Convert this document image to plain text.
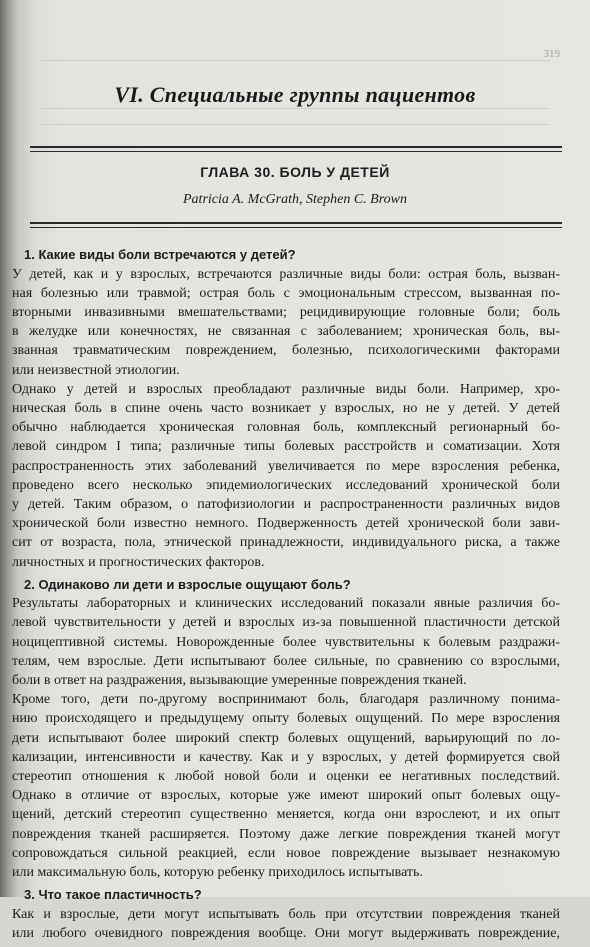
319
VI. Специальные группы пациентов
ГЛАВА 30. БОЛЬ У ДЕТЕЙ
Patricia A. McGrath, Stephen C. Brown
1. Какие виды боли встречаются у детей?
У детей, как и у взрослых, встречаются различные виды боли: острая боль, вызван-
ная болезнью или травмой; острая боль с эмоциональным стрессом, вызванная по-
вторными инвазивными вмешательствами; рецидивирующие головные боли; боль
в желудке или конечностях, не связанная с заболеванием; хроническая боль, вы-
званная травматическим повреждением, болезнью, психологическими факторами
или неизвестной этиологии.
Однако у детей и взрослых преобладают различные виды боли. Например, хро-
ническая боль в спине очень часто возникает у взрослых, но не у детей. У детей
обычно наблюдается хроническая головная боль, комплексный регионарный бо-
левой синдром I типа; различные типы болевых расстройств и соматизации. Хотя
распространенность этих заболеваний увеличивается по мере взросления ребенка,
проведено всего несколько эпидемиологических исследований хронической боли
у детей. Таким образом, о патофизиологии и распространенности различных видов
хронической боли известно немного. Подверженность детей хронической боли зави-
сит от возраста, пола, этнической принадлежности, индивидуального риска, а также
личностных и прогностических факторов.
2. Одинаково ли дети и взрослые ощущают боль?
Результаты лабораторных и клинических исследований показали явные различия бо-
левой чувствительности у детей и взрослых из-за повышенной пластичности детской
ноцицептивной системы. Новорожденные более чувствительны к болевым раздражи-
телям, чем взрослые. Дети испытывают более сильные, по сравнению со взрослыми,
боли в ответ на раздражения, вызывающие умеренные повреждения тканей.
Кроме того, дети по-другому воспринимают боль, благодаря различному понима-
нию происходящего и предыдущему опыту болевых ощущений. По мере взросления
дети испытывают более широкий спектр болевых ощущений, варьирующий по ло-
кализации, интенсивности и качеству. Как и у взрослых, у детей формируется свой
стереотип отношения к любой новой боли и оценки ее негативных последствий.
Однако в отличие от взрослых, которые уже имеют широкий опыт болевых ощу-
щений, детский стереотип существенно меняется, когда они взрослеют, и их опыт
повреждения тканей расширяется. Поэтому даже легкие повреждения тканей могут
сопровождаться сильной реакцией, если новое повреждение вызывает незнакомую
или максимальную боль, которую ребенку приходилось испытывать.
3. Что такое пластичность?
Как и взрослые, дети могут испытывать боль при отсутствии повреждения тканей
или любого очевидного повреждения вообще. Они могут выдерживать повреждение,
